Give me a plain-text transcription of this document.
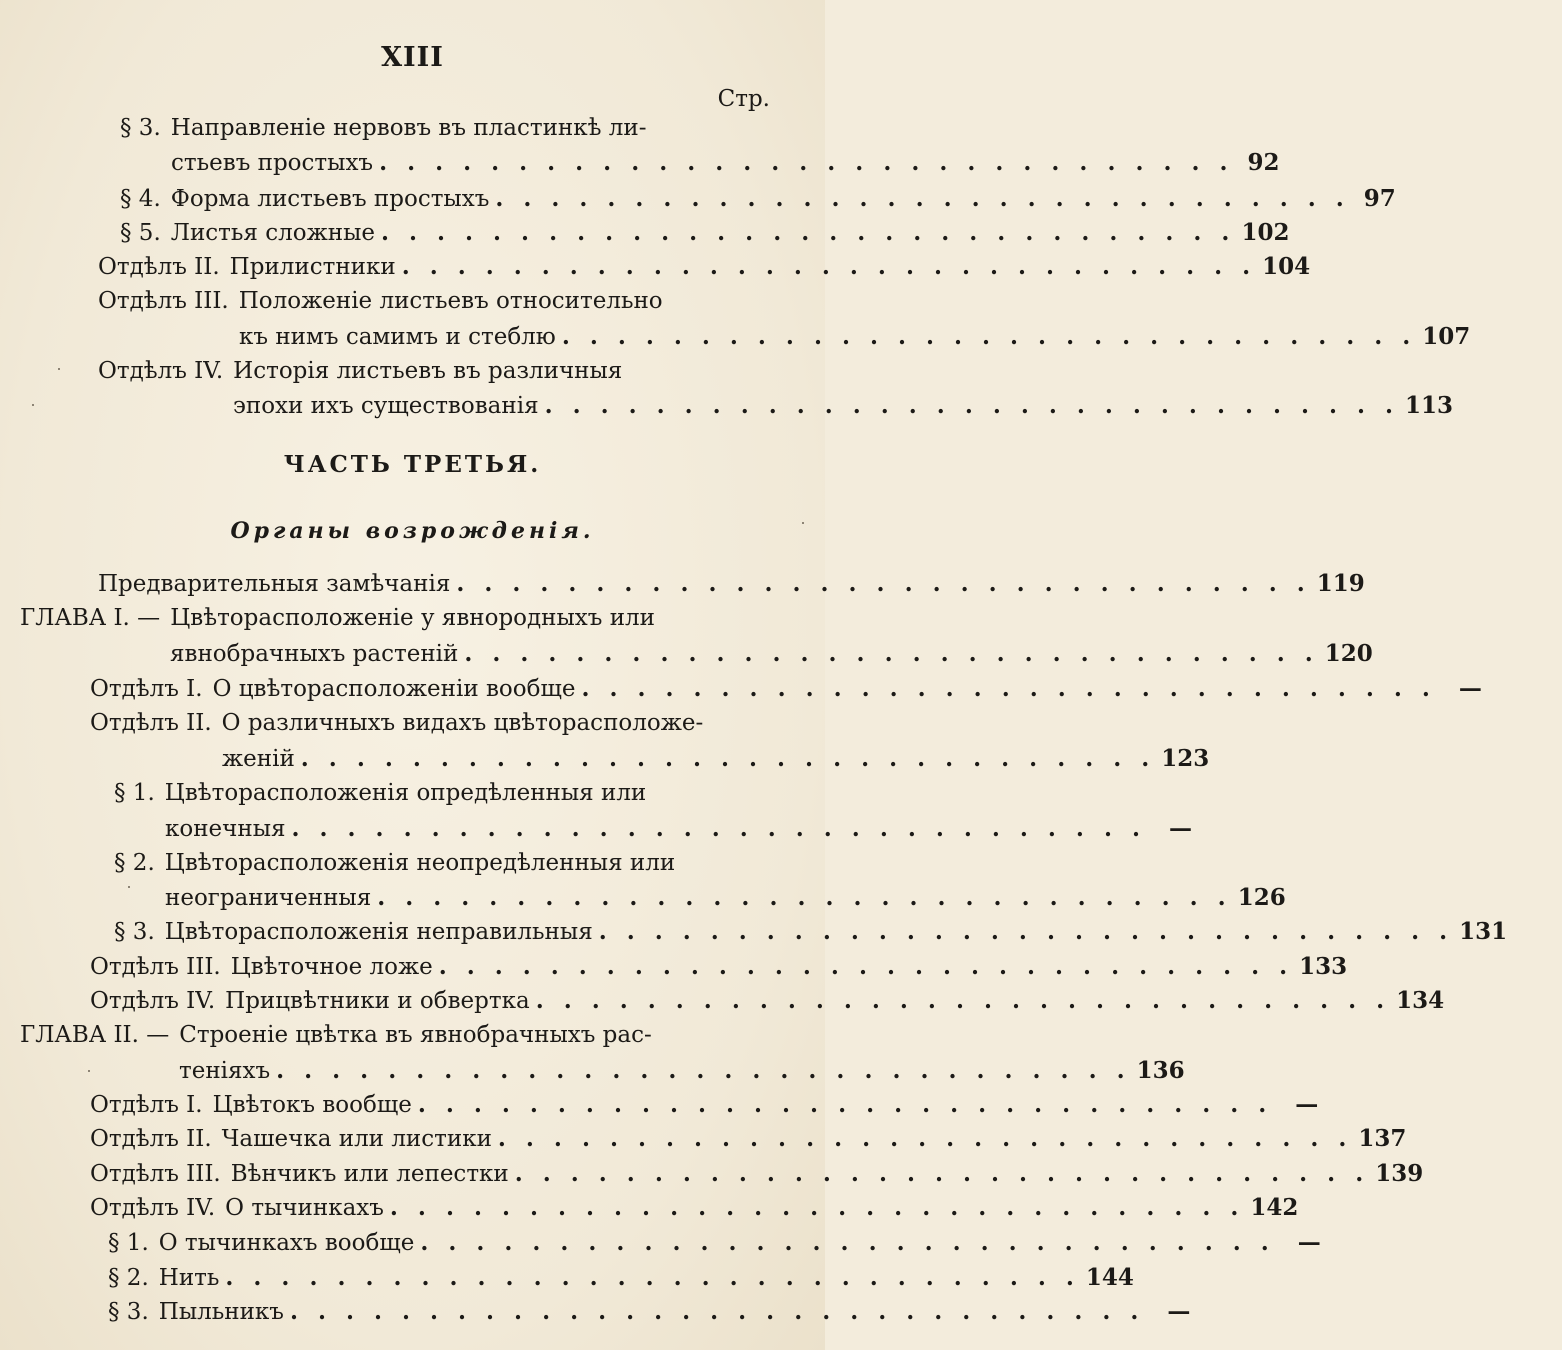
XIII
Стр.
§ 3. Направленіе нервовъ въ пластинкѣ ли-
стьевъ простыхъ . . . . . . . . . . . . . . . . . . . . . . . . . . . . . . . 92
§ 4. Форма листьевъ простыхъ . . . . . . . . . . . . . . . . . . . . . . . . . . . . . . . 97
§ 5. Листья сложные . . . . . . . . . . . . . . . . . . . . . . . . . . . . . . . 102
Отдѣлъ II. Прилистники . . . . . . . . . . . . . . . . . . . . . . . . . . . . . . . 104
Отдѣлъ III. Положеніе листьевъ относительно
къ нимъ самимъ и стеблю . . . . . . . . . . . . . . . . . . . . . . . . . . . . . . . 107
Отдѣлъ IV. Исторія листьевъ въ различныя
эпохи ихъ существованія . . . . . . . . . . . . . . . . . . . . . . . . . . . . . . . 113
Предварительныя замѣчанія . . . . . . . . . . . . . . . . . . . . . . . . . . . . . . . 119
ГЛАВА I. — Цвѣторасположеніе у явнородныхъ или
явнобрачныхъ растеній . . . . . . . . . . . . . . . . . . . . . . . . . . . . . . . 120
Отдѣлъ I. О цвѣторасположеніи вообще . . . . . . . . . . . . . . . . . . . . . . . . . . . . . . .	—
Отдѣлъ II. О различныхъ видахъ цвѣторасположе-
женій . . . . . . . . . . . . . . . . . . . . . . . . . . . . . . . 123
§ 1. Цвѣторасположенія опредѣленныя или
конечныя . . . . . . . . . . . . . . . . . . . . . . . . . . . . . . .	—
§ 2. Цвѣторасположенія неопредѣленныя или
неограниченныя . . . . . . . . . . . . . . . . . . . . . . . . . . . . . . . 126
§ 3. Цвѣторасположенія неправильныя . . . . . . . . . . . . . . . . . . . . . . . . . . . . . . . 131
Отдѣлъ III. Цвѣточное ложе . . . . . . . . . . . . . . . . . . . . . . . . . . . . . . . 133
Отдѣлъ IV. Прицвѣтники и обвертка . . . . . . . . . . . . . . . . . . . . . . . . . . . . . . . 134
ГЛАВА II. — Строеніе цвѣтка въ явнобрачныхъ рас-
теніяхъ . . . . . . . . . . . . . . . . . . . . . . . . . . . . . . . 136
Отдѣлъ I. Цвѣтокъ вообще . . . . . . . . . . . . . . . . . . . . . . . . . . . . . . .	—
Отдѣлъ II. Чашечка или листики . . . . . . . . . . . . . . . . . . . . . . . . . . . . . . . 137
Отдѣлъ III. Вѣнчикъ или лепестки . . . . . . . . . . . . . . . . . . . . . . . . . . . . . . . 139
Отдѣлъ IV. О тычинкахъ . . . . . . . . . . . . . . . . . . . . . . . . . . . . . . . 142
§ 1. О тычинкахъ вообще . . . . . . . . . . . . . . . . . . . . . . . . . . . . . . .	—
§ 2. Нить . . . . . . . . . . . . . . . . . . . . . . . . . . . . . . . 144
§ 3. Пыльникъ . . . . . . . . . . . . . . . . . . . . . . . . . . . . . . .	—
ЧАСТЬ ТРЕТЬЯ.
Органы возрожденія.
